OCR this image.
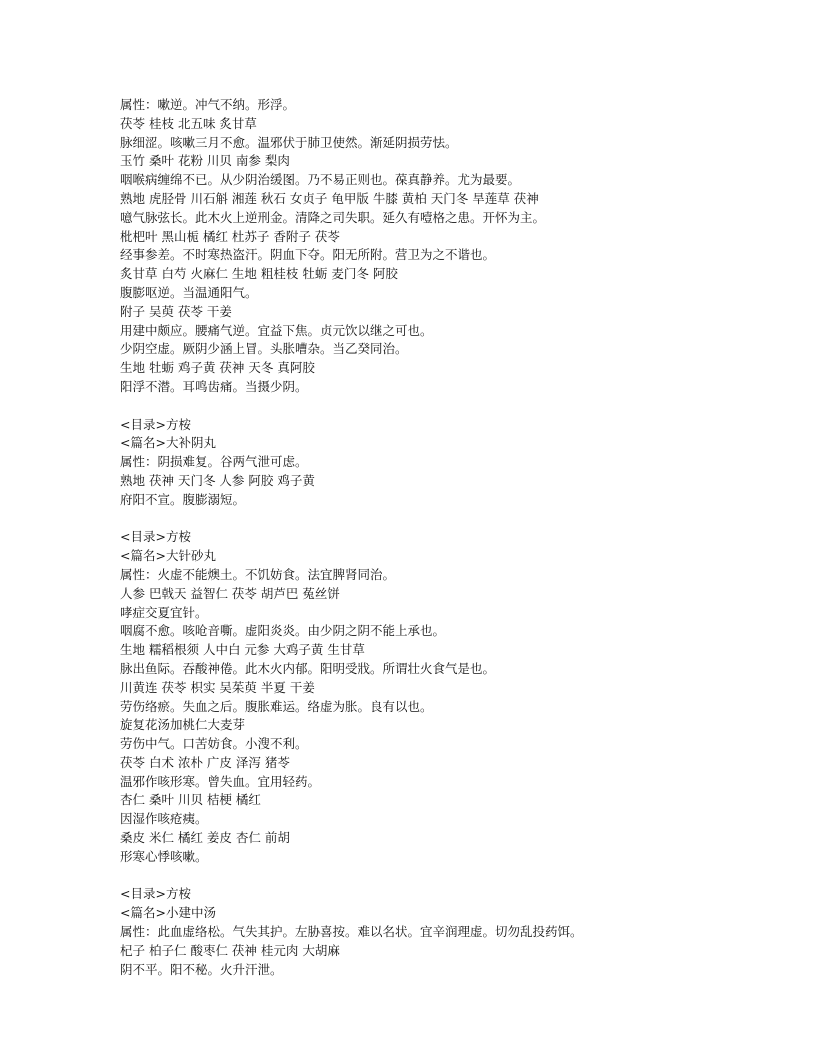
属性：嗽逆。冲气不纳。形浮。
茯苓 桂枝 北五味 炙甘草
脉细涩。咳嗽三月不愈。温邪伏于肺卫使然。渐延阴损劳怯。
玉竹 桑叶 花粉 川贝 南参 梨肉
咽喉病缠绵不已。从少阴治缓图。乃不易正则也。葆真静养。尤为最要。
熟地 虎胫骨 川石斛 湘莲 秋石 女贞子 龟甲版 牛膝 黄柏 天门冬 旱莲草 茯神
噫气脉弦长。此木火上逆刑金。清降之司失职。延久有噎格之患。开怀为主。
枇杷叶 黑山栀 橘红 杜苏子 香附子 茯苓
经事参差。不时寒热盗汗。阴血下夺。阳无所附。营卫为之不谐也。
炙甘草 白芍 火麻仁 生地 粗桂枝 牡蛎 麦门冬 阿胶
腹膨呕逆。当温通阳气。
附子 吴萸 茯苓 干姜
用建中颇应。腰痛气逆。宜益下焦。贞元饮以继之可也。
少阴空虚。厥阴少涵上冒。头胀嘈杂。当乙癸同治。
生地 牡蛎 鸡子黄 茯神 天冬 真阿胶
阳浮不潜。耳鸣齿痛。当摄少阴。
<目录>方桉
<篇名>大补阴丸
属性：阴损难复。谷两气泄可虑。
熟地 茯神 天门冬 人参 阿胶 鸡子黄
府阳不宣。腹膨溺短。
<目录>方桉
<篇名>大针砂丸
属性：火虚不能燠土。不饥妨食。法宜脾肾同治。
人参 巴戟天 益智仁 茯苓 胡芦巴 菟丝饼
哮症交夏宜针。
咽腐不愈。咳呛音嘶。虚阳炎炎。由少阴之阴不能上承也。
生地 糯稻根须 人中白 元参 大鸡子黄 生甘草
脉出鱼际。吞酸神倦。此木火内郁。阳明受戕。所谓壮火食气是也。
川黄连 茯苓 枳实 吴茱萸 半夏 干姜
劳伤络瘀。失血之后。腹胀难运。络虚为胀。良有以也。
旋复花汤加桃仁大麦芽
劳伤中气。口苦妨食。小溲不利。
茯苓 白术 浓朴 广皮 泽泻 猪苓
温邪作咳形寒。曾失血。宜用轻药。
杏仁 桑叶 川贝 桔梗 橘红
因湿作咳疮痍。
桑皮 米仁 橘红 姜皮 杏仁 前胡
形寒心悸咳嗽。
<目录>方桉
<篇名>小建中汤
属性：此血虚络松。气失其护。左胁喜按。难以名状。宜辛润理虚。切勿乱投药饵。
杞子 柏子仁 酸枣仁 茯神 桂元肉 大胡麻
阴不平。阳不秘。火升汗泄。
